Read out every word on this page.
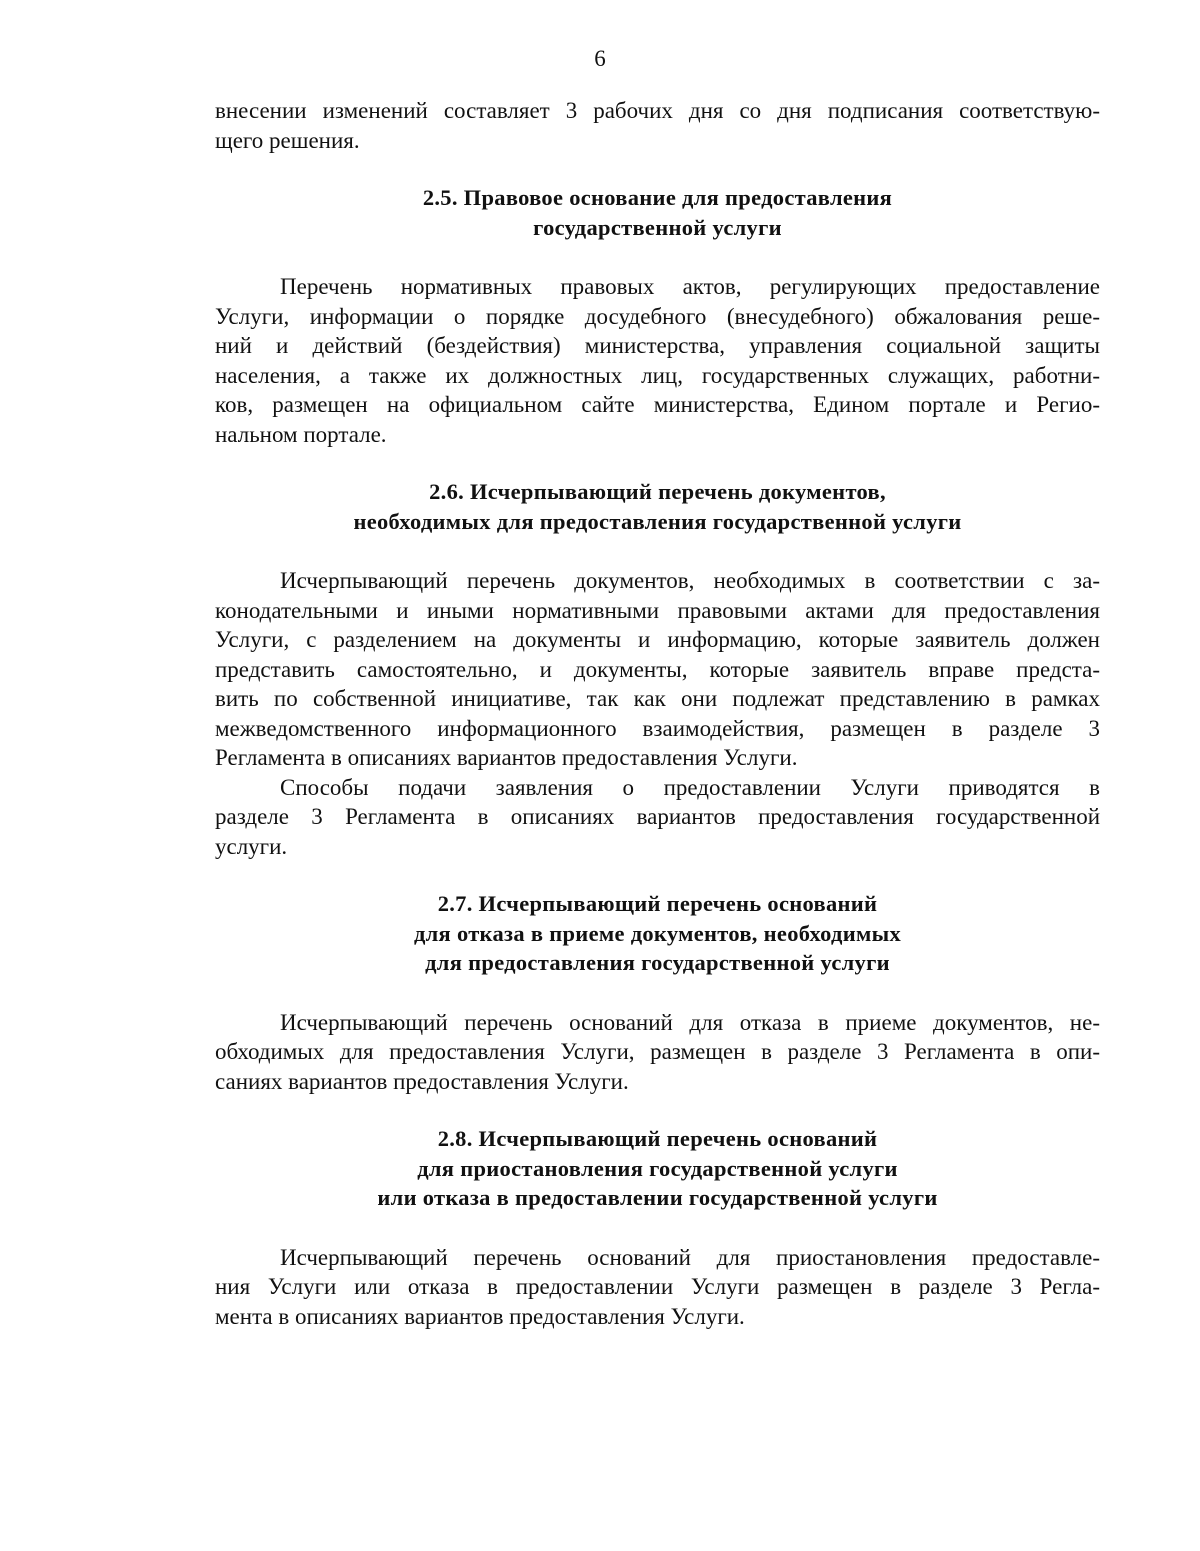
6
внесении изменений составляет 3 рабочих дня со дня подписания соответствую-
щего решения.
2.5. Правовое основание для предоставления
государственной услуги
Перечень нормативных правовых актов, регулирующих предоставление
Услуги, информации о порядке досудебного (внесудебного) обжалования реше-
ний и действий (бездействия) министерства, управления социальной защиты
населения, а также их должностных лиц, государственных служащих, работни-
ков, размещен на официальном сайте министерства, Едином портале и Регио-
нальном портале.
2.6. Исчерпывающий перечень документов,
необходимых для предоставления государственной услуги
Исчерпывающий перечень документов, необходимых в соответствии с за-
конодательными и иными нормативными правовыми актами для предоставления
Услуги, с разделением на документы и информацию, которые заявитель должен
представить самостоятельно, и документы, которые заявитель вправе предста-
вить по собственной инициативе, так как они подлежат представлению в рамках
межведомственного информационного взаимодействия, размещен в разделе 3
Регламента в описаниях вариантов предоставления Услуги.
Способы подачи заявления о предоставлении Услуги приводятся в
разделе 3 Регламента в описаниях вариантов предоставления государственной
услуги.
2.7. Исчерпывающий перечень оснований
для отказа в приеме документов, необходимых
для предоставления государственной услуги
Исчерпывающий перечень оснований для отказа в приеме документов, не-
обходимых для предоставления Услуги, размещен в разделе 3 Регламента в опи-
саниях вариантов предоставления Услуги.
2.8. Исчерпывающий перечень оснований
для приостановления государственной услуги
или отказа в предоставлении государственной услуги
Исчерпывающий перечень оснований для приостановления предоставле-
ния Услуги или отказа в предоставлении Услуги размещен в разделе 3 Регла-
мента в описаниях вариантов предоставления Услуги.
